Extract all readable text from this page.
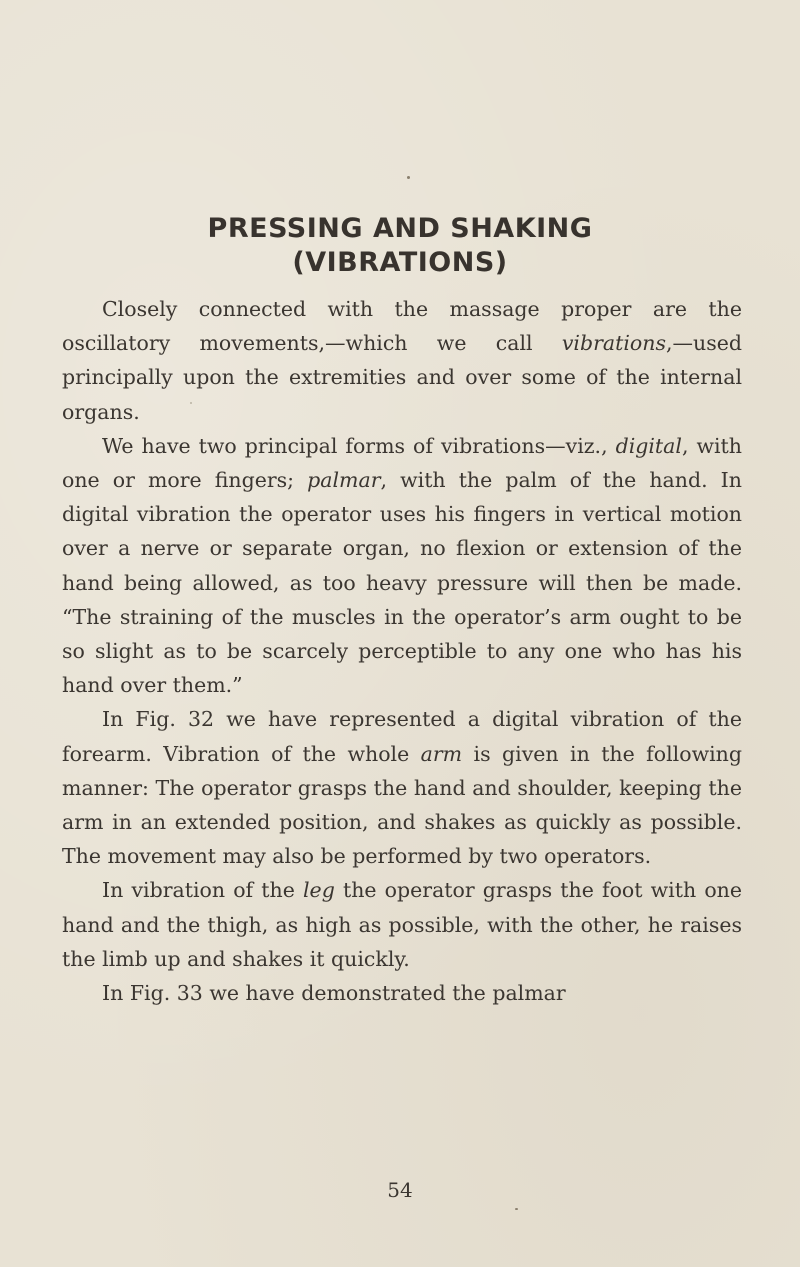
PRESSING AND SHAKING
(VIBRATIONS)

Closely connected with the massage proper are the oscillatory movements,—which we call vibrations,—used principally upon the extremities and over some of the internal organs.

We have two principal forms of vibrations—viz., digital, with one or more fingers; palmar, with the palm of the hand. In digital vibration the operator uses his fingers in vertical motion over a nerve or separate organ, no flexion or extension of the hand being allowed, as too heavy pressure will then be made. “The straining of the muscles in the operator’s arm ought to be so slight as to be scarcely perceptible to any one who has his hand over them.”

In Fig. 32 we have represented a digital vibration of the forearm. Vibration of the whole arm is given in the following manner: The operator grasps the hand and shoulder, keeping the arm in an extended position, and shakes as quickly as possible. The movement may also be performed by two operators.

In vibration of the leg the operator grasps the foot with one hand and the thigh, as high as possible, with the other, he raises the limb up and shakes it quickly.

In Fig. 33 we have demonstrated the palmar

54
